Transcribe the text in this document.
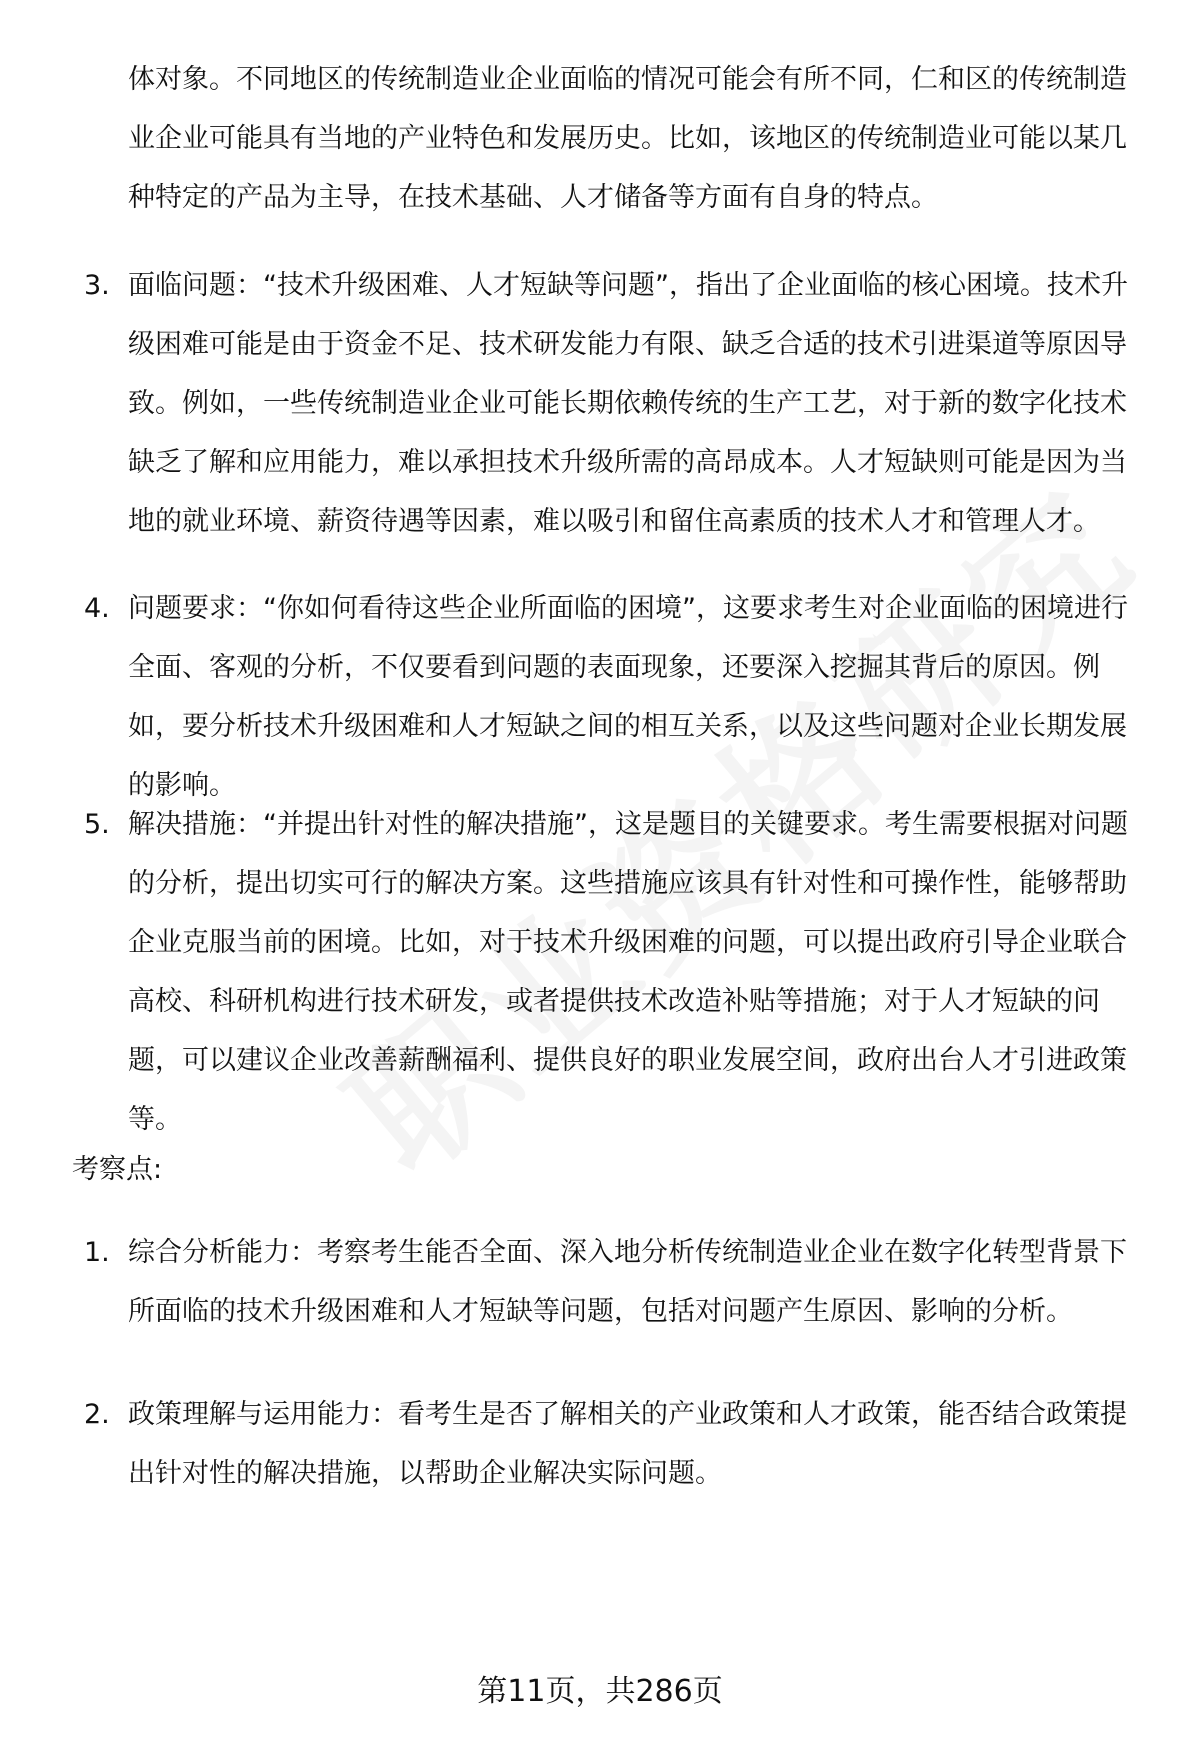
体对象。不同地区的传统制造业企业面临的情况可能会有所不同，仁和区的传统制造业企业可能具有当地的产业特色和发展历史。比如，该地区的传统制造业可能以某几种特定的产品为主导，在技术基础、人才储备等方面有自身的特点。

3. 面临问题：“技术升级困难、人才短缺等问题”，指出了企业面临的核心困境。技术升级困难可能是由于资金不足、技术研发能力有限、缺乏合适的技术引进渠道等原因导致。例如，一些传统制造业企业可能长期依赖传统的生产工艺，对于新的数字化技术缺乏了解和应用能力，难以承担技术升级所需的高昂成本。人才短缺则可能是因为当地的就业环境、薪资待遇等因素，难以吸引和留住高素质的技术人才和管理人才。
4. 问题要求：“你如何看待这些企业所面临的困境”，这要求考生对企业面临的困境进行全面、客观的分析，不仅要看到问题的表面现象，还要深入挖掘其背后的原因。例如，要分析技术升级困难和人才短缺之间的相互关系，以及这些问题对企业长期发展的影响。
5. 解决措施：“并提出针对性的解决措施”，这是题目的关键要求。考生需要根据对问题的分析，提出切实可行的解决方案。这些措施应该具有针对性和可操作性，能够帮助企业克服当前的困境。比如，对于技术升级困难的问题，可以提出政府引导企业联合高校、科研机构进行技术研发，或者提供技术改造补贴等措施；对于人才短缺的问题，可以建议企业改善薪酬福利、提供良好的职业发展空间，政府出台人才引进政策等。
考察点:
1. 综合分析能力：考察考生能否全面、深入地分析传统制造业企业在数字化转型背景下所面临的技术升级困难和人才短缺等问题，包括对问题产生原因、影响的分析。
2. 政策理解与运用能力：看考生是否了解相关的产业政策和人才政策，能否结合政策提出针对性的解决措施，以帮助企业解决实际问题。
第11页，共286页
